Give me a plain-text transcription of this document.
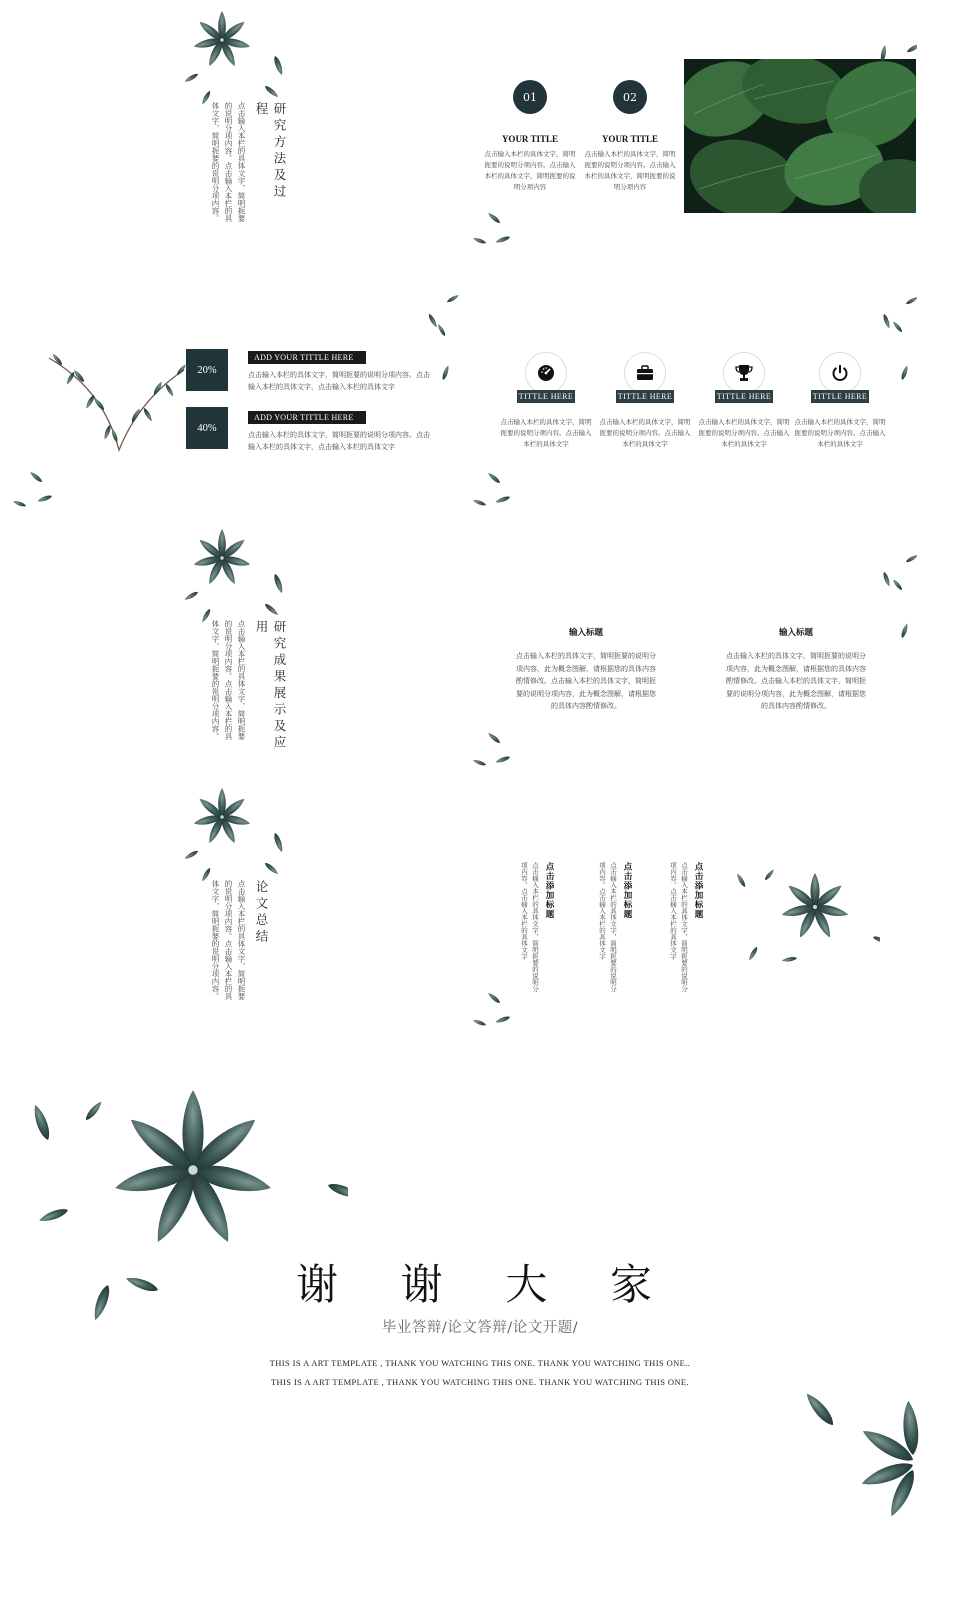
研究方法及过程
点击输入本栏的具体文字，简明扼要的说明分项内容。点击输入本栏的具体文字，简明扼要的说明分项内容。
01
YOUR TITLE
点击输入本栏的具体文字，简明扼要的说明分项内容。点击输入本栏的具体文字，简明扼要的说明分项内容
02
YOUR TITLE
点击输入本栏的具体文字，简明扼要的说明分项内容。点击输入本栏的具体文字，简明扼要的说明分项内容
20%
ADD YOUR TITTLE HERE
点击输入本栏的具体文字，简明扼要的说明分项内容。点击输入本栏的具体文字，点击输入本栏的具体文字
40%
ADD YOUR TITTLE HERE
点击输入本栏的具体文字，简明扼要的说明分项内容。点击输入本栏的具体文字，点击输入本栏的具体文字
TITTLE HERE
点击输入本栏的具体文字，简明扼要的说明分项内容。点击输入本栏的具体文字
TITTLE HERE
点击输入本栏的具体文字，简明扼要的说明分项内容。点击输入本栏的具体文字
TITTLE HERE
点击输入本栏的具体文字，简明扼要的说明分项内容。点击输入本栏的具体文字
TITTLE HERE
点击输入本栏的具体文字，简明扼要的说明分项内容。点击输入本栏的具体文字
研究成果展示及应用
点击输入本栏的具体文字，简明扼要的说明分项内容。点击输入本栏的具体文字，简明扼要的说明分项内容。	输入标题
点击输入本栏的具体文字，简明扼要的说明分项内容，此为概念图解，请根据您的具体内容酌情修改。点击输入本栏的具体文字，简明扼要的说明分项内容，此为概念图解，请根据您的具体内容酌情修改。
输入标题
点击输入本栏的具体文字，简明扼要的说明分项内容，此为概念图解，请根据您的具体内容酌情修改。点击输入本栏的具体文字，简明扼要的说明分项内容，此为概念图解，请根据您的具体内容酌情修改。
论文总结
点击输入本栏的具体文字，简明扼要的说明分项内容。点击输入本栏的具体文字，简明扼要的说明分项内容。	点击添加标题
点击输入本栏的具体文字，简明扼要的说明分项内容。点击输入本栏的具体文字	点击添加标题
点击输入本栏的具体文字，简明扼要的说明分项内容。点击输入本栏的具体文字	点击添加标题
点击输入本栏的具体文字，简明扼要的说明分项内容。点击输入本栏的具体文字
谢  谢  大  家
毕业答辩/论文答辩/论文开题/
THIS IS A ART TEMPLATE , THANK YOU WATCHING THIS ONE. THANK YOU WATCHING THIS ONE..
THIS IS A ART TEMPLATE , THANK YOU WATCHING THIS ONE. THANK YOU WATCHING THIS ONE.
